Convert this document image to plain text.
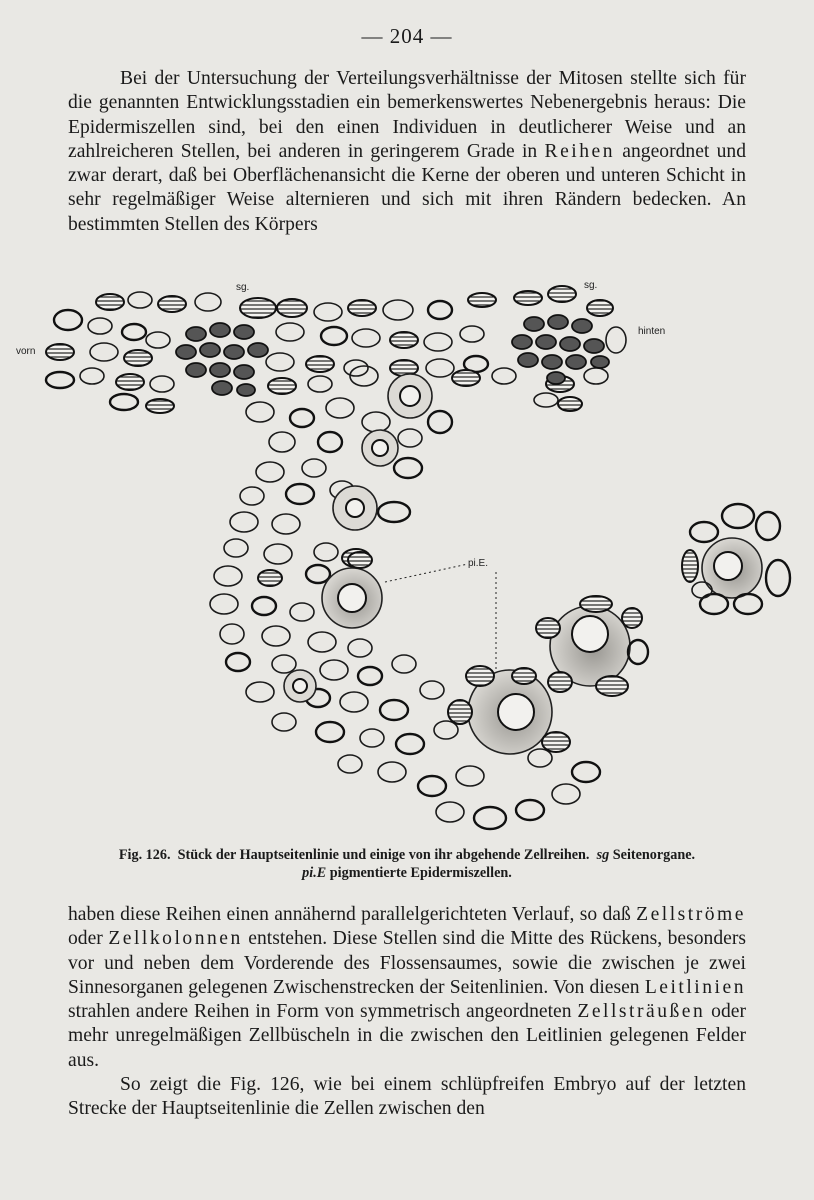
— 204 —

Bei der Untersuchung der Verteilungsverhältnisse der Mitosen stellte sich für die genannten Entwicklungsstadien ein bemerkenswertes Nebenergebnis heraus: Die Epidermiszellen sind, bei den einen Individuen in deutlicherer Weise und an zahlreicheren Stellen, bei anderen in geringerem Grade in Reihen angeordnet und zwar derart, daß bei Oberflächenansicht die Kerne der oberen und unteren Schicht in sehr regelmäßiger Weise alternieren und sich mit ihren Rändern bedecken. An bestimmten Stellen des Körpers

sg.	sg.
vorn
hinten
pi.E.
Fig. 126. Stück der Hauptseitenlinie und einige von ihr abgehende Zellreihen. sg Seitenorgane.
pi.E pigmentierte Epidermiszellen.

haben diese Reihen einen annähernd parallelgerichteten Verlauf, so daß Zellströme oder Zellkolonnen entstehen. Diese Stellen sind die Mitte des Rückens, besonders vor und neben dem Vorderende des Flossensaumes, sowie die zwischen je zwei Sinnesorganen gelegenen Zwischenstrecken der Seitenlinien. Von diesen Leitlinien strahlen andere Reihen in Form von symmetrisch angeordneten Zellsträußen oder mehr unregelmäßigen Zellbüscheln in die zwischen den Leitlinien gelegenen Felder aus.

So zeigt die Fig. 126, wie bei einem schlüpfreifen Embryo auf der letzten Strecke der Hauptseitenlinie die Zellen zwischen den
